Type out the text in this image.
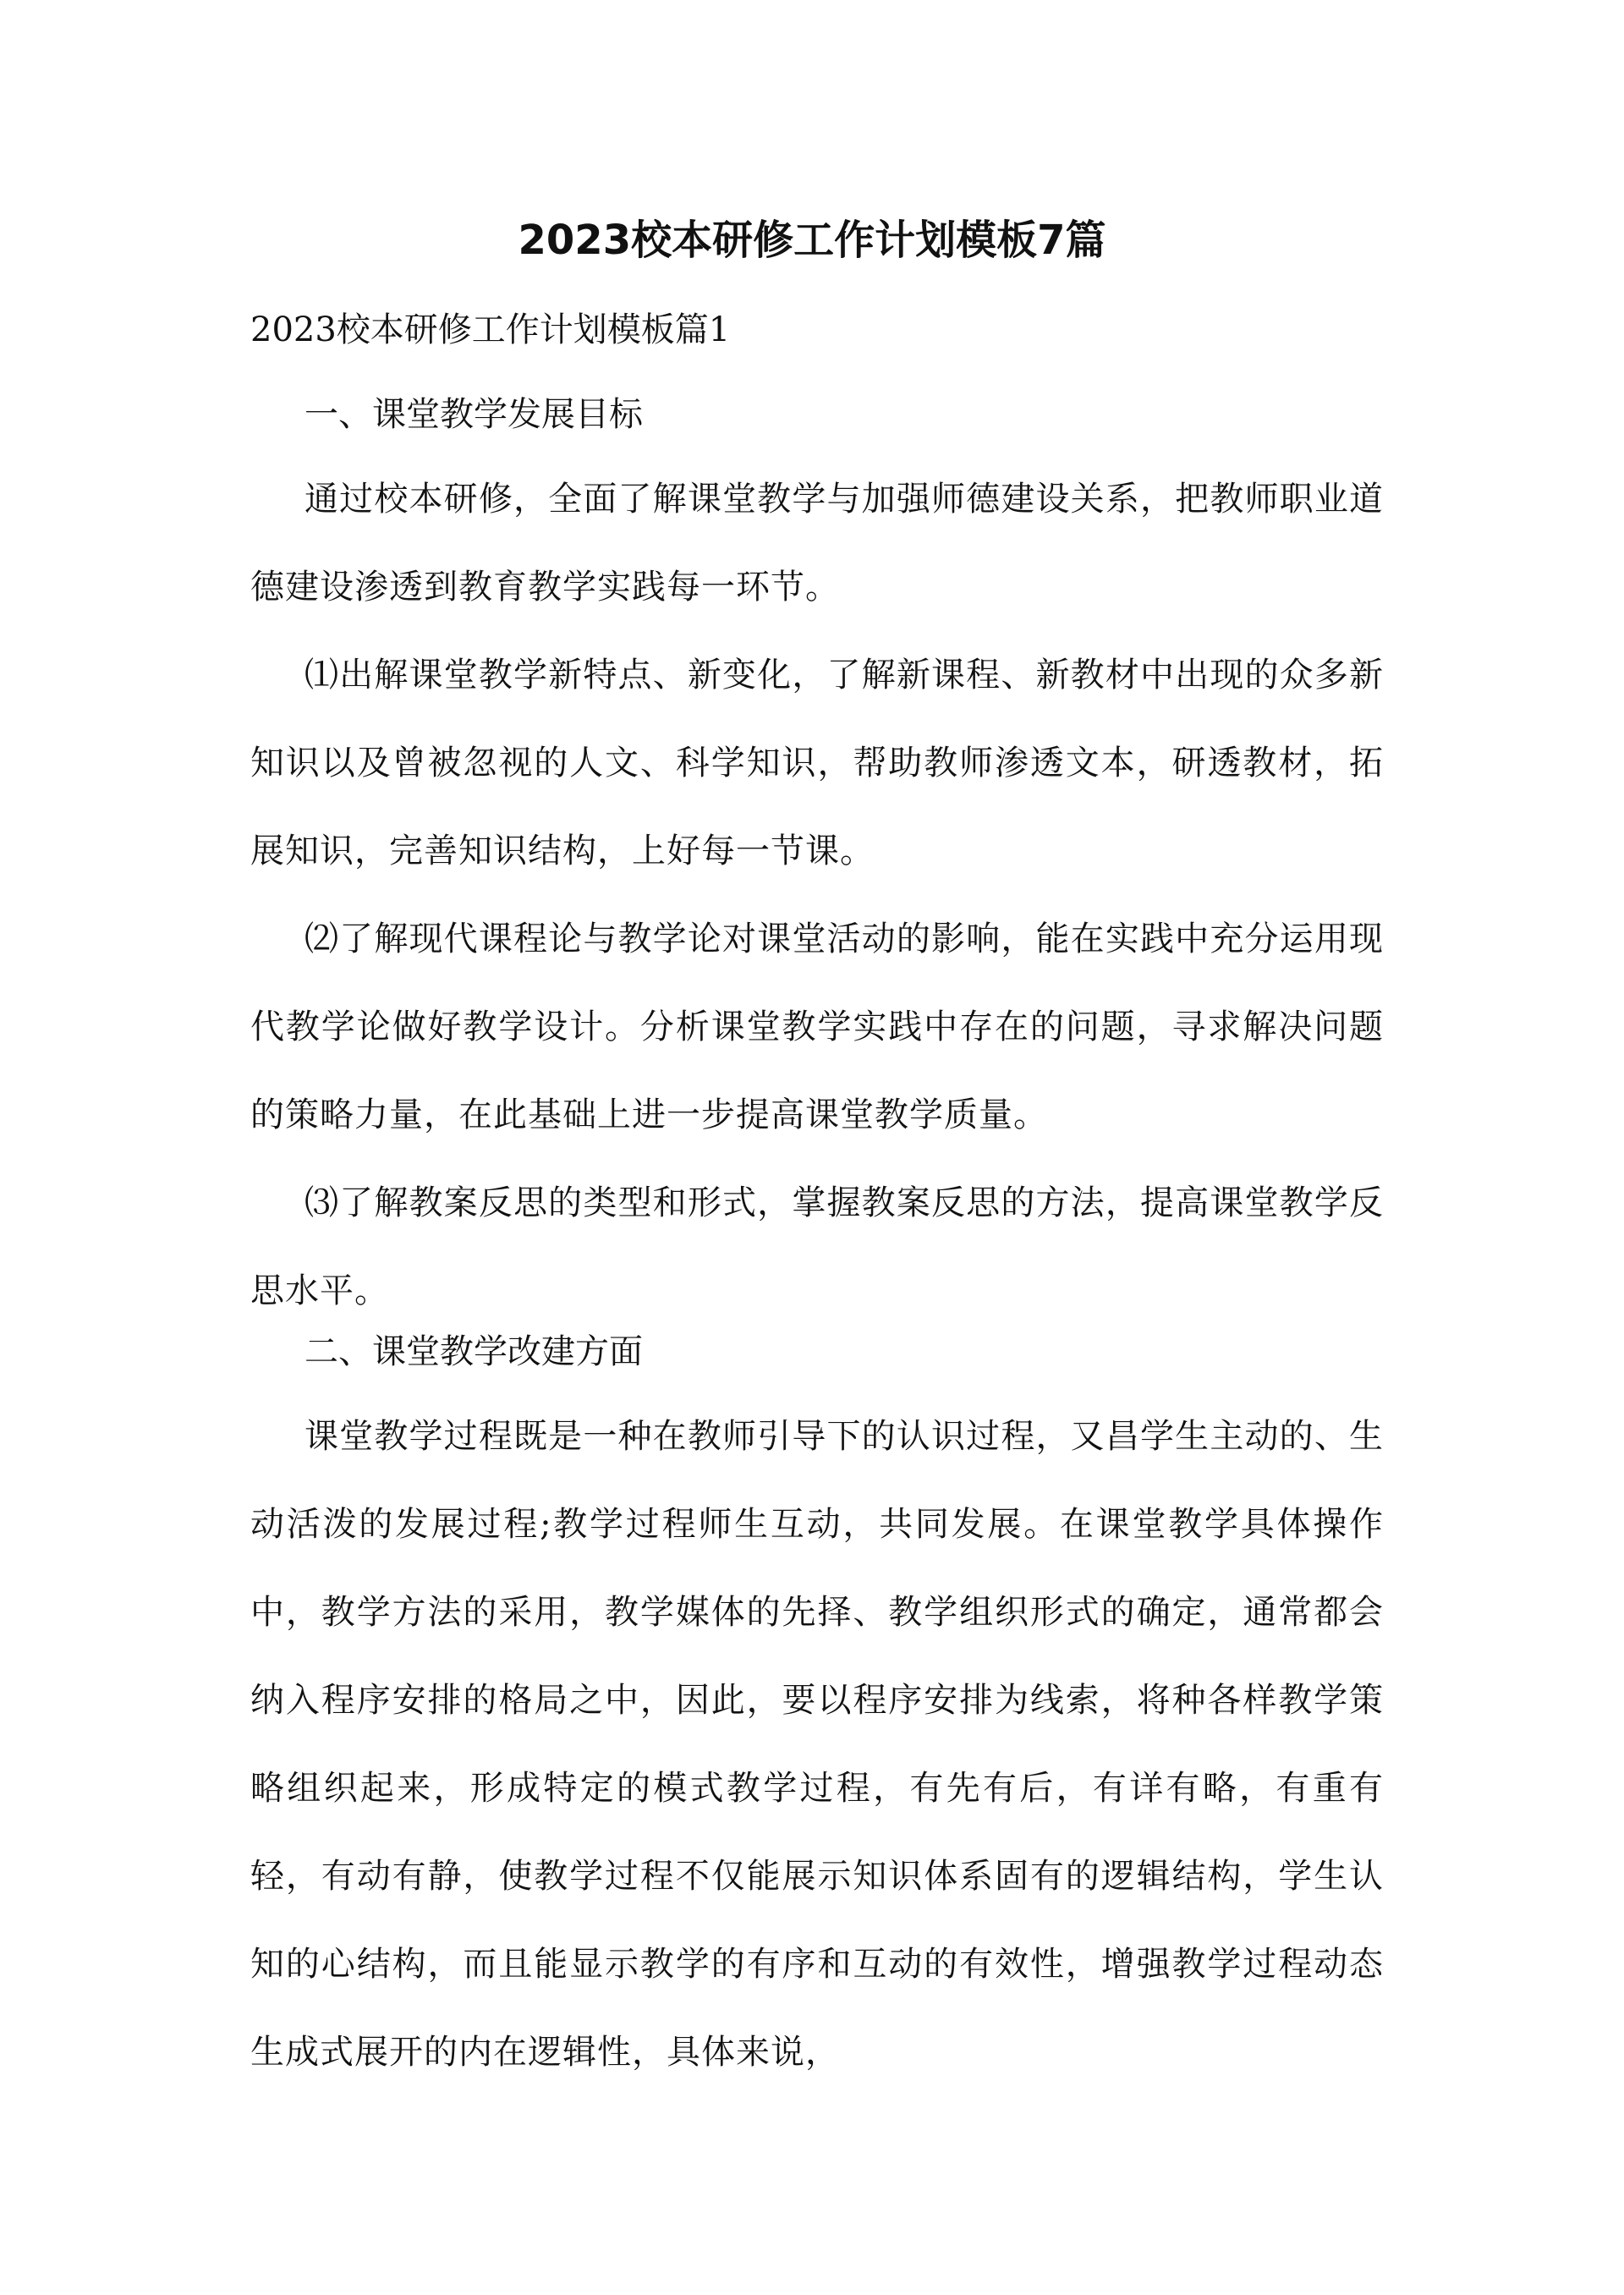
2023校本研修工作计划模板7篇
2023校本研修工作计划模板篇1
一、课堂教学发展目标

通过校本研修，全面了解课堂教学与加强师德建设关系，把教师职业道德建设渗透到教育教学实践每一环节。

⑴出解课堂教学新特点、新变化，了解新课程、新教材中出现的众多新知识以及曾被忽视的人文、科学知识，帮助教师渗透文本，研透教材，拓展知识，完善知识结构，上好每一节课。

⑵了解现代课程论与教学论对课堂活动的影响，能在实践中充分运用现代教学论做好教学设计。分析课堂教学实践中存在的问题，寻求解决问题的策略力量，在此基础上进一步提高课堂教学质量。

⑶了解教案反思的类型和形式，掌握教案反思的方法，提高课堂教学反思水平。

二、课堂教学改建方面

课堂教学过程既是一种在教师引导下的认识过程，又昌学生主动的、生动活泼的发展过程;教学过程师生互动，共同发展。在课堂教学具体操作中，教学方法的采用，教学媒体的先择、教学组织形式的确定，通常都会纳入程序安排的格局之中，因此，要以程序安排为线索，将种各样教学策略组织起来，形成特定的模式教学过程，有先有后，有详有略，有重有轻，有动有静，使教学过程不仅能展示知识体系固有的逻辑结构，学生认知的心结构，而且能显示教学的有序和互动的有效性，增强教学过程动态生成式展开的内在逻辑性，具体来说，
